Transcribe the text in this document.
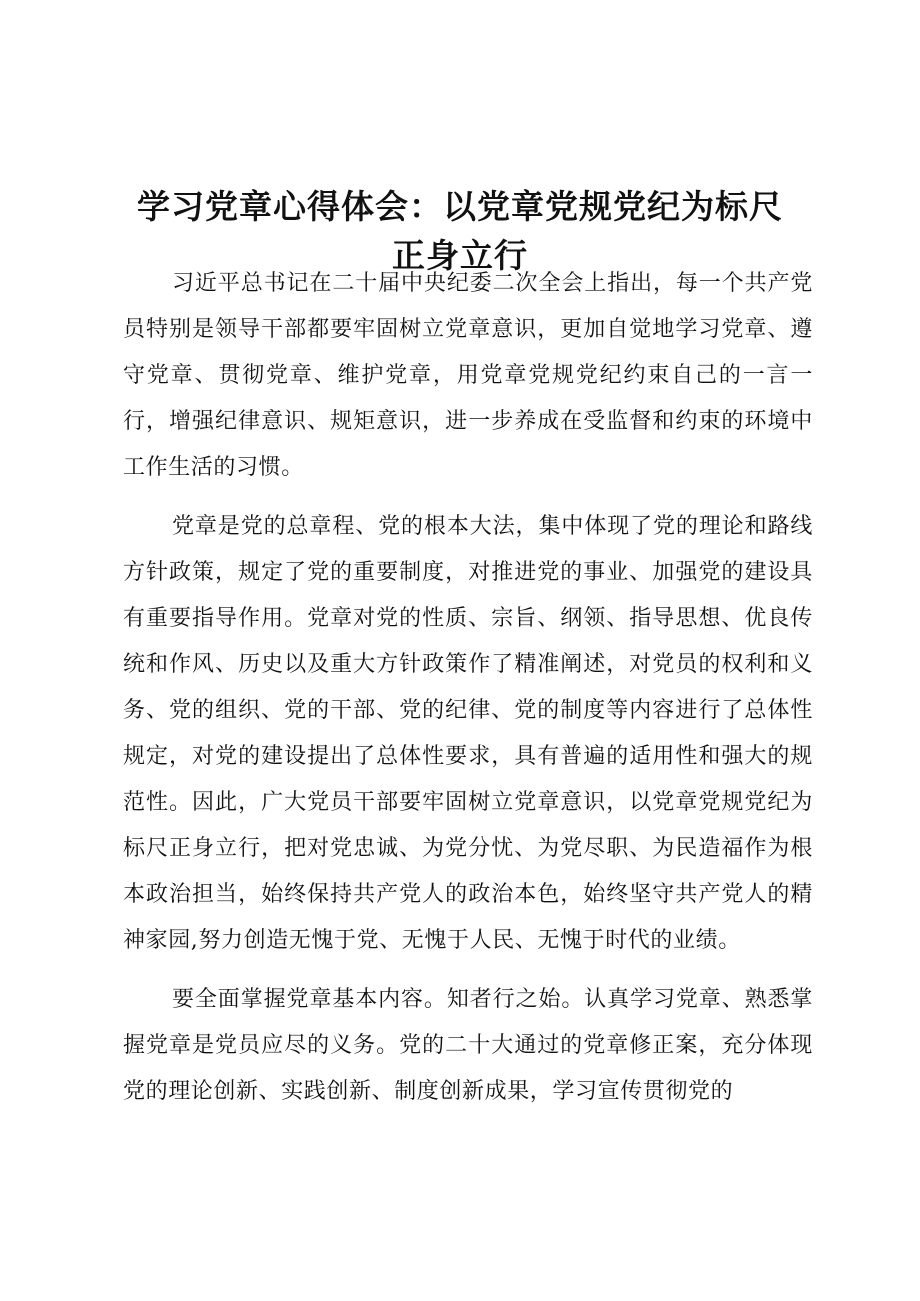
学习党章心得体会：以党章党规党纪为标尺
正身立行

习近平总书记在二十届中央纪委二次全会上指出，每一个共产党员特别是领导干部都要牢固树立党章意识，更加自觉地学习党章、遵守党章、贯彻党章、维护党章，用党章党规党纪约束自己的一言一行，增强纪律意识、规矩意识，进一步养成在受监督和约束的环境中工作生活的习惯。

党章是党的总章程、党的根本大法，集中体现了党的理论和路线方针政策，规定了党的重要制度，对推进党的事业、加强党的建设具有重要指导作用。党章对党的性质、宗旨、纲领、指导思想、优良传统和作风、历史以及重大方针政策作了精准阐述，对党员的权利和义务、党的组织、党的干部、党的纪律、党的制度等内容进行了总体性规定，对党的建设提出了总体性要求，具有普遍的适用性和强大的规范性。因此，广大党员干部要牢固树立党章意识，以党章党规党纪为标尺正身立行，把对党忠诚、为党分忧、为党尽职、为民造福作为根本政治担当，始终保持共产党人的政治本色，始终坚守共产党人的精神家园,努力创造无愧于党、无愧于人民、无愧于时代的业绩。

要全面掌握党章基本内容。知者行之始。认真学习党章、熟悉掌握党章是党员应尽的义务。党的二十大通过的党章修正案，充分体现党的理论创新、实践创新、制度创新成果，学习宣传贯彻党的
